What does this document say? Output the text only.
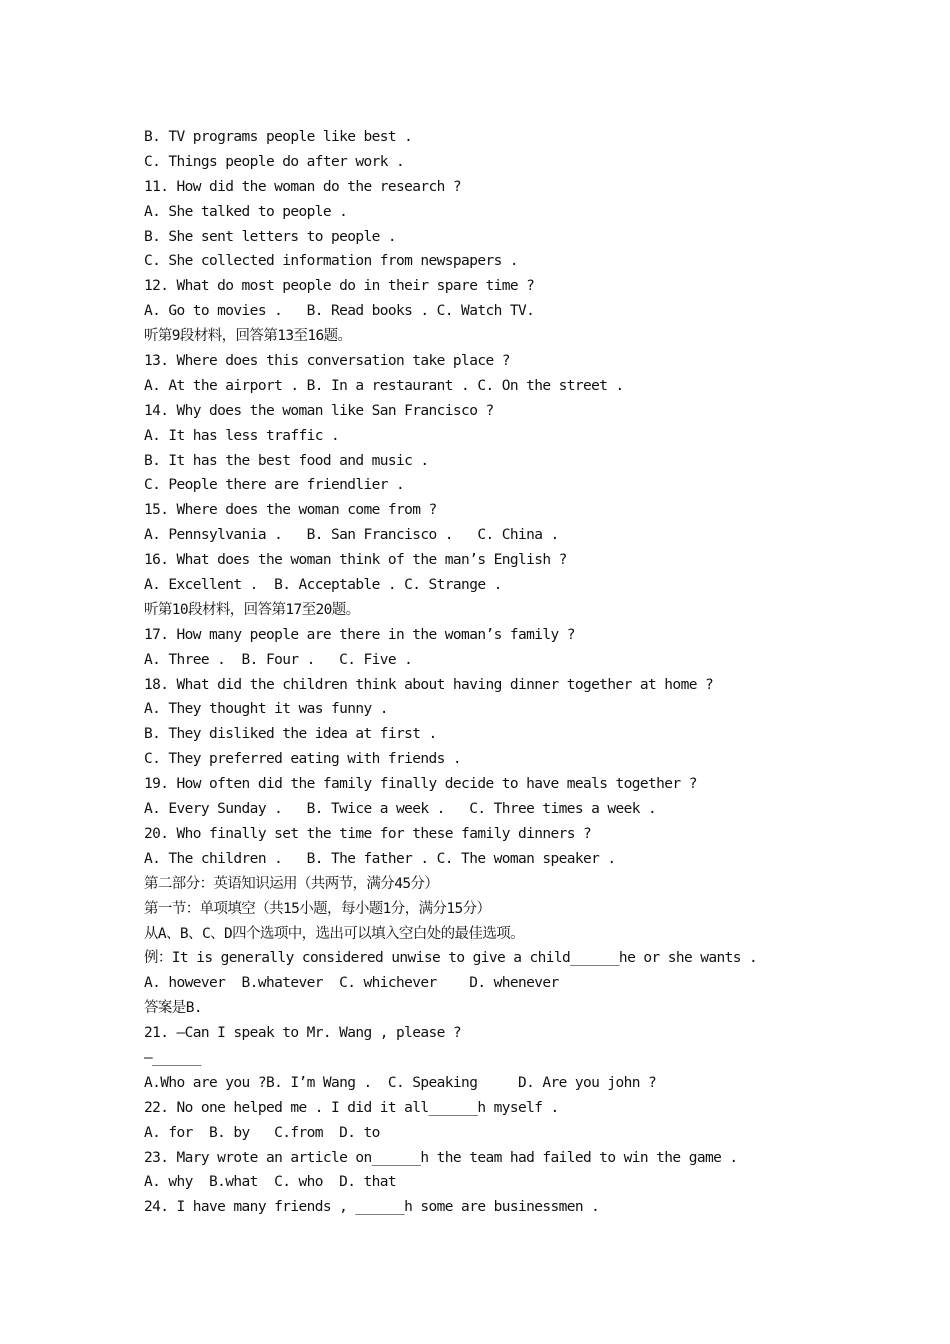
B. TV programs people like best .
C. Things people do after work .
11. How did the woman do the research ?
A. She talked to people .
B. She sent letters to people .
C. She collected information from newspapers .
12. What do most people do in their spare time ?
A. Go to movies .   B. Read books . C. Watch TV.
听第9段材料，回答第13至16题。
13. Where does this conversation take place ?
A. At the airport . B. In a restaurant . C. On the street .
14. Why does the woman like San Francisco ?
A. It has less traffic .
B. It has the best food and music .
C. People there are friendlier .
15. Where does the woman come from ?
A. Pennsylvania .   B. San Francisco .   C. China .
16. What does the woman think of the man’s English ?
A. Excellent .  B. Acceptable . C. Strange .
听第10段材料，回答第17至20题。
17. How many people are there in the woman’s family ?
A. Three .  B. Four .   C. Five .
18. What did the children think about having dinner together at home ?
A. They thought it was funny .
B. They disliked the idea at first .
C. They preferred eating with friends .
19. How often did the family finally decide to have meals together ?
A. Every Sunday .   B. Twice a week .   C. Three times a week .
20. Who finally set the time for these family dinners ?
A. The children .   B. The father . C. The woman speaker .
第二部分：英语知识运用（共两节，满分45分）
第一节：单项填空（共15小题，每小题1分，满分15分）
从A、B、C、D四个选项中，选出可以填入空白处的最佳选项。
例：It is generally considered unwise to give a child______he or she wants .
A. however  B.whatever  C. whichever    D. whenever
答案是B.
21. —Can I speak to Mr. Wang , please ?
—______
A.Who are you ?B. I’m Wang .  C. Speaking     D. Are you john ?
22. No one helped me . I did it all______h myself .
A. for  B. by   C.from  D. to
23. Mary wrote an article on______h the team had failed to win the game .
A. why  B.what  C. who  D. that
24. I have many friends , ______h some are businessmen .
